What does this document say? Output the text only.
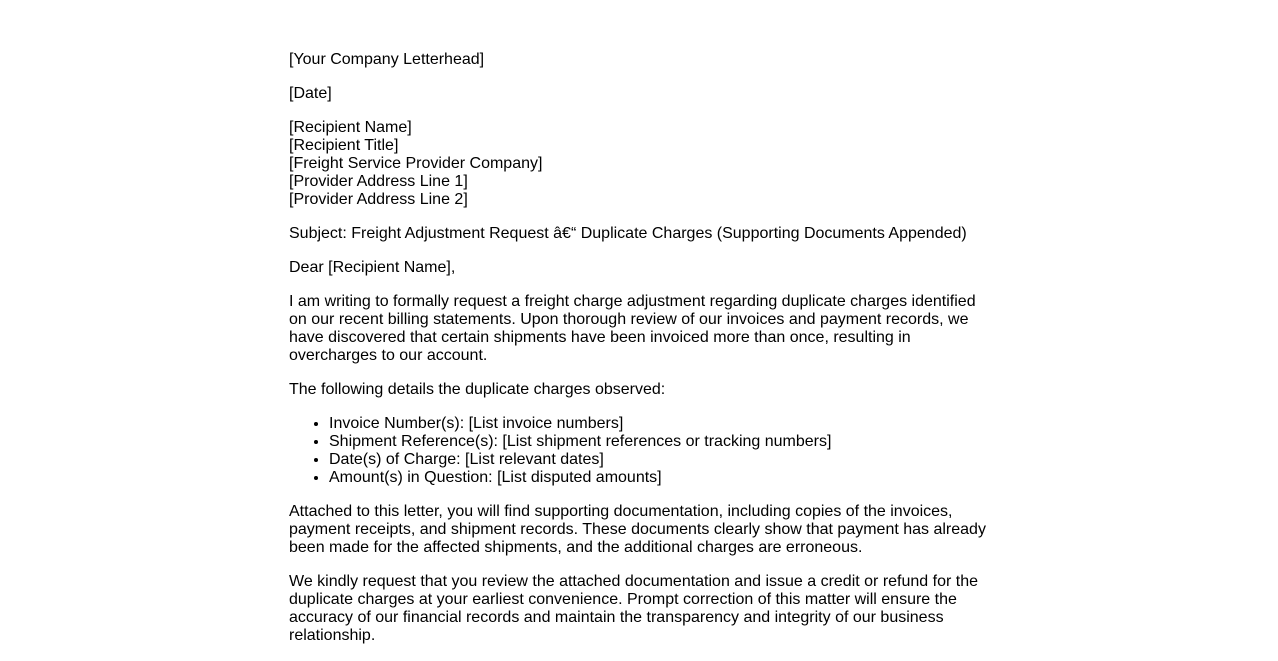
[Your Company Letterhead]
[Date]
[Recipient Name]
[Recipient Title]
[Freight Service Provider Company]
[Provider Address Line 1]
[Provider Address Line 2]
Subject: Freight Adjustment Request â€“ Duplicate Charges (Supporting Documents Appended)
Dear [Recipient Name],

I am writing to formally request a freight charge adjustment regarding duplicate charges identified on our recent billing statements. Upon thorough review of our invoices and payment records, we have discovered that certain shipments have been invoiced more than once, resulting in overcharges to our account.

The following details the duplicate charges observed:

• Invoice Number(s): [List invoice numbers]
• Shipment Reference(s): [List shipment references or tracking numbers]
• Date(s) of Charge: [List relevant dates]
• Amount(s) in Question: [List disputed amounts]

Attached to this letter, you will find supporting documentation, including copies of the invoices, payment receipts, and shipment records. These documents clearly show that payment has already been made for the affected shipments, and the additional charges are erroneous.

We kindly request that you review the attached documentation and issue a credit or refund for the duplicate charges at your earliest convenience. Prompt correction of this matter will ensure the accuracy of our financial records and maintain the transparency and integrity of our business relationship.
